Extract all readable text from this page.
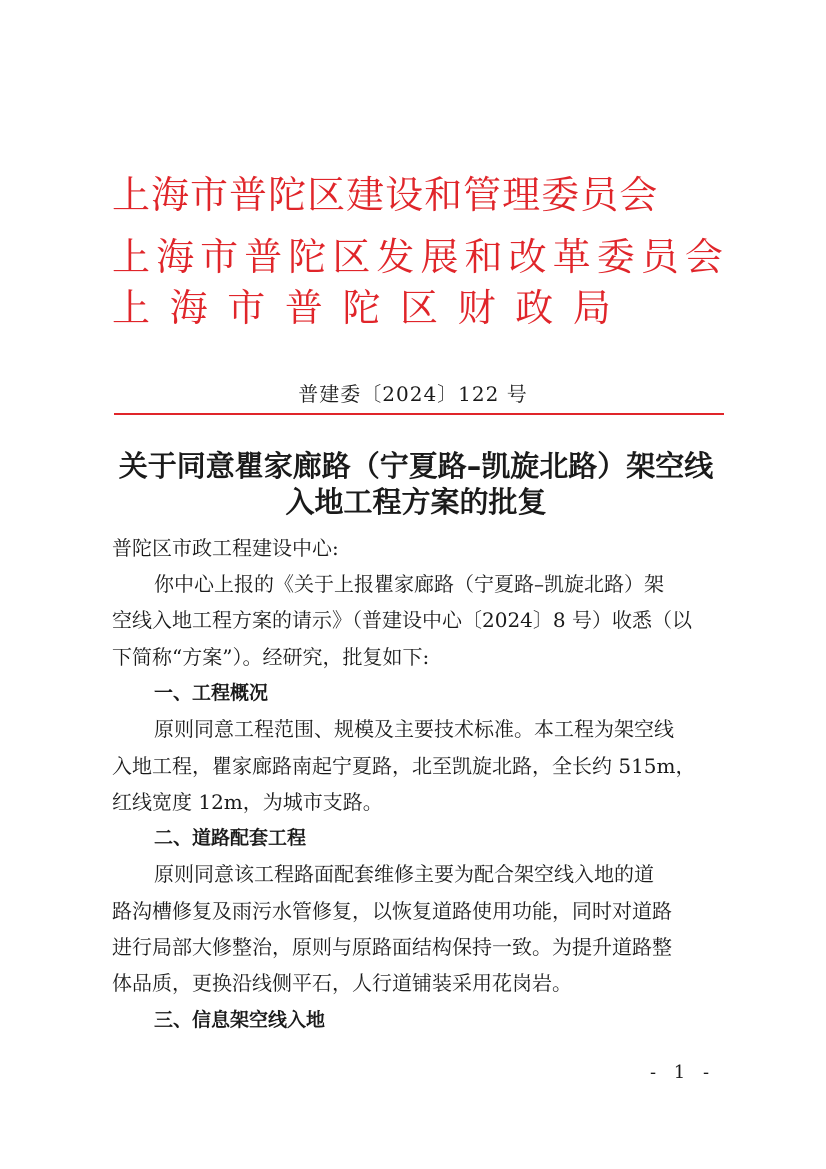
上 海 市 普 陀 区 建 设 和 管 理 委 员 会
上 海 市 普 陀 区 发 展 和 改 革 委 员 会
上 海 市 普 陀 区 财 政 局
普建委〔2024〕122 号
关于同意瞿家廊路（宁夏路–凯旋北路）架空线
入地工程方案的批复
普陀区市政工程建设中心:
你中心上报的《关于上报瞿家廊路（宁夏路–凯旋北路）架
空线入地工程方案的请示》（普建设中心〔2024〕8 号）收悉（以
下简称“方案”）。经研究，批复如下:
一、工程概况
原则同意工程范围、规模及主要技术标准。本工程为架空线
入地工程，瞿家廊路南起宁夏路，北至凯旋北路，全长约 515m，
红线宽度 12m，为城市支路。
二、道路配套工程
原则同意该工程路面配套维修主要为配合架空线入地的道
路沟槽修复及雨污水管修复，以恢复道路使用功能，同时对道路
进行局部大修整治，原则与原路面结构保持一致。为提升道路整
体品质，更换沿线侧平石，人行道铺装采用花岗岩。
三、信息架空线入地
- 1 -
